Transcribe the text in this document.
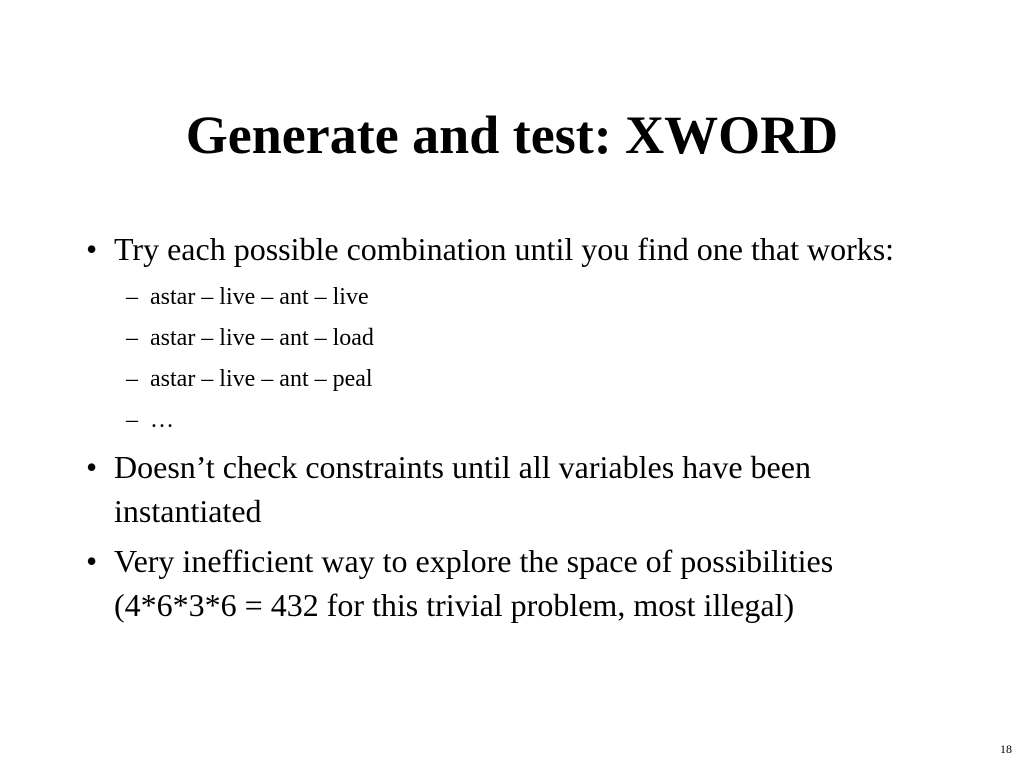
Generate and test: XWORD
• Try each possible combination until you find one that works:
– astar – live – ant – live
– astar – live – ant – load
– astar – live – ant – peal
– …
• Doesn’t check constraints until all variables have been instantiated
• Very inefficient way to explore the space of possibilities (4*6*3*6 = 432 for this trivial problem, most illegal)
18
